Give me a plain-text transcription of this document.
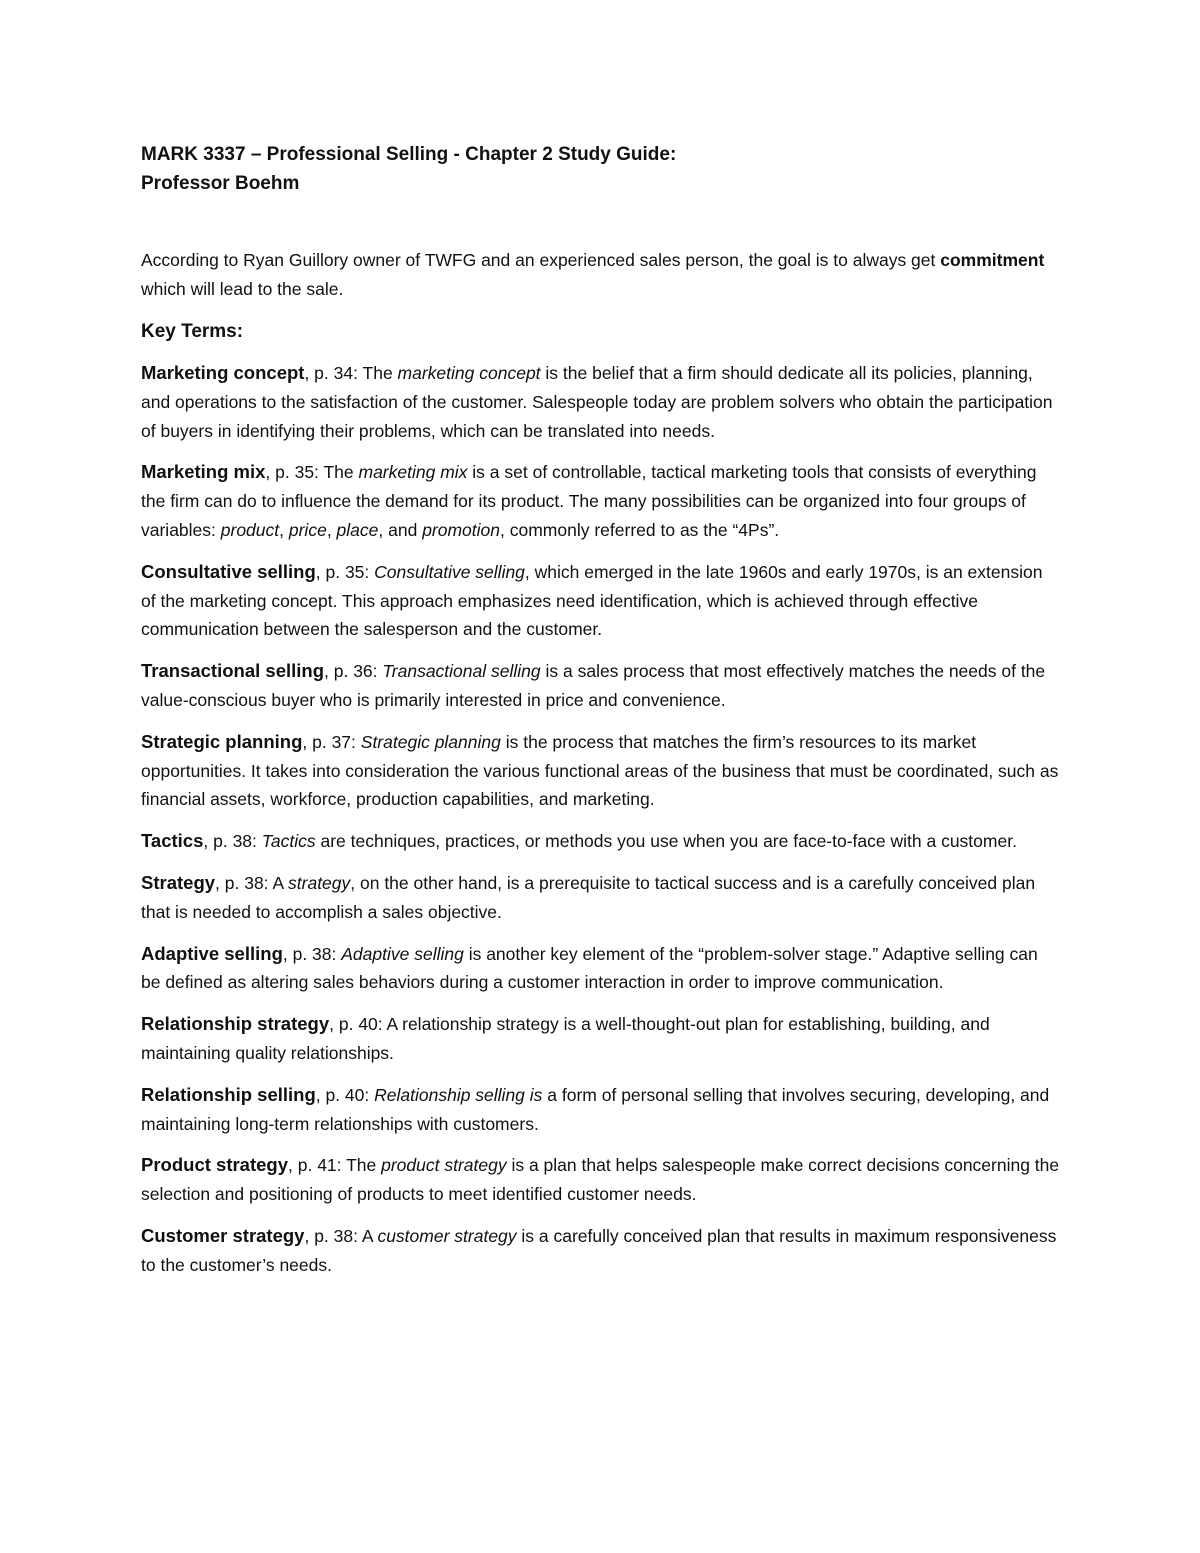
MARK 3337 – Professional Selling - Chapter 2 Study Guide:

Professor Boehm

According to Ryan Guillory owner of TWFG and an experienced sales person, the goal is to always get commitment which will lead to the sale.

Key Terms:

Marketing concept, p. 34: The marketing concept is the belief that a firm should dedicate all its policies, planning, and operations to the satisfaction of the customer. Salespeople today are problem solvers who obtain the participation of buyers in identifying their problems, which can be translated into needs.

Marketing mix, p. 35: The marketing mix is a set of controllable, tactical marketing tools that consists of everything the firm can do to influence the demand for its product. The many possibilities can be organized into four groups of variables: product, price, place, and promotion, commonly referred to as the “4Ps”.

Consultative selling, p. 35: Consultative selling, which emerged in the late 1960s and early 1970s, is an extension of the marketing concept. This approach emphasizes need identification, which is achieved through effective communication between the salesperson and the customer.

Transactional selling, p. 36: Transactional selling is a sales process that most effectively matches the needs of the value-conscious buyer who is primarily interested in price and convenience.

Strategic planning, p. 37: Strategic planning is the process that matches the firm’s resources to its market opportunities. It takes into consideration the various functional areas of the business that must be coordinated, such as financial assets, workforce, production capabilities, and marketing.

Tactics, p. 38: Tactics are techniques, practices, or methods you use when you are face-to-face with a customer.

Strategy, p. 38: A strategy, on the other hand, is a prerequisite to tactical success and is a carefully conceived plan that is needed to accomplish a sales objective.

Adaptive selling, p. 38: Adaptive selling is another key element of the “problem-solver stage.” Adaptive selling can be defined as altering sales behaviors during a customer interaction in order to improve communication.

Relationship strategy, p. 40: A relationship strategy is a well-thought-out plan for establishing, building, and maintaining quality relationships.

Relationship selling, p. 40: Relationship selling is a form of personal selling that involves securing, developing, and maintaining long-term relationships with customers.

Product strategy, p. 41: The product strategy is a plan that helps salespeople make correct decisions concerning the selection and positioning of products to meet identified customer needs.

Customer strategy, p. 38: A customer strategy is a carefully conceived plan that results in maximum responsiveness to the customer’s needs.
